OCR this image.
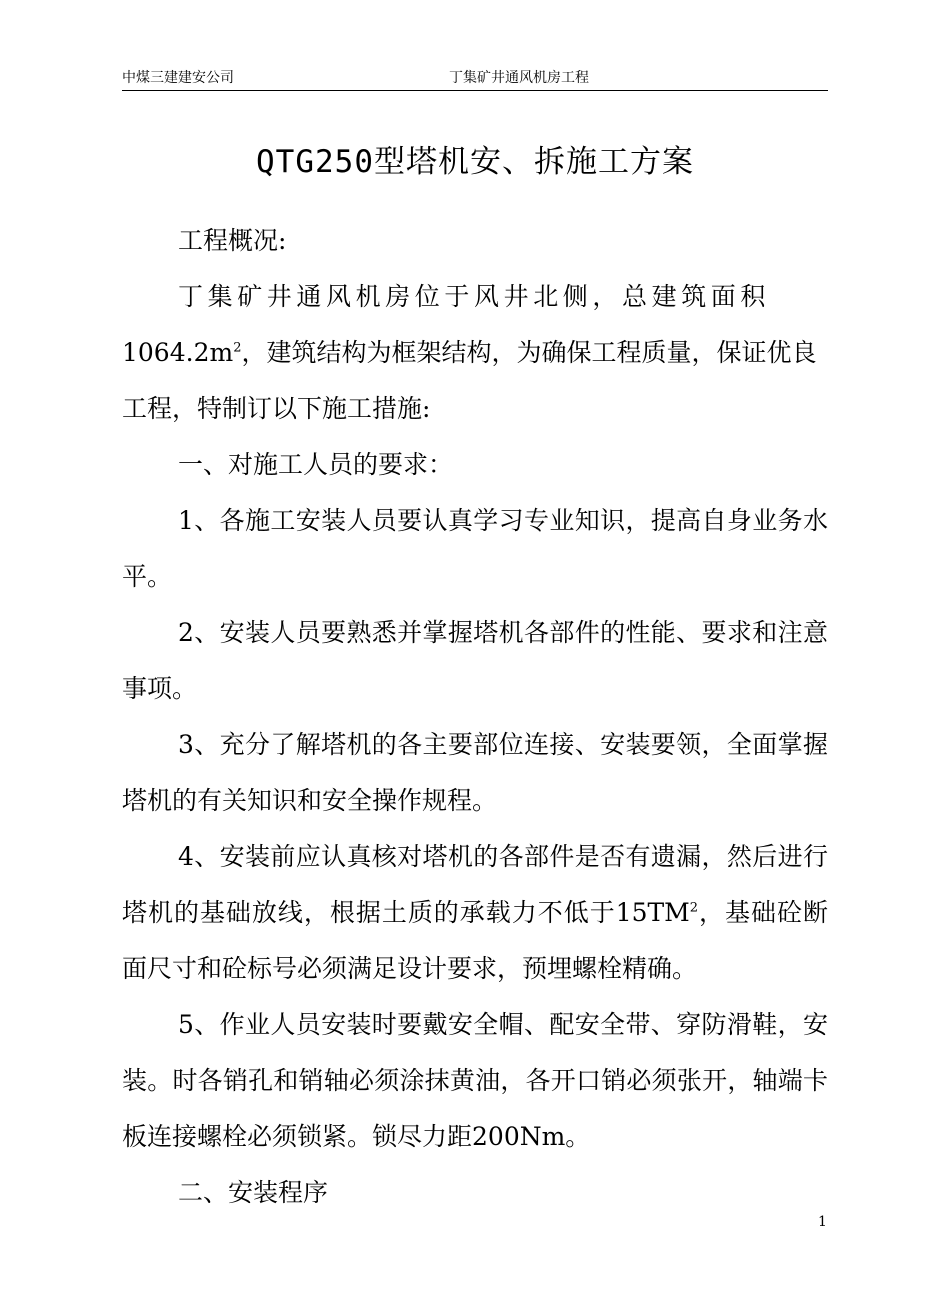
中煤三建建安公司	丁集矿井通风机房工程
QTG250型塔机安、拆施工方案

工程概况:

丁集矿井通风机房位于风井北侧，总建筑面积

$1064.2m^2$，建筑结构为框架结构，为确保工程质量，保证优良

工程，特制订以下施工措施:

一、对施工人员的要求：

1、各施工安装人员要认真学习专业知识，提高自身业务水平。

2、安装人员要熟悉并掌握塔机各部件的性能、要求和注意事项。

3、充分了解塔机的各主要部位连接、安装要领，全面掌握塔机的有关知识和安全操作规程。

4、安装前应认真核对塔机的各部件是否有遗漏，然后进行塔机的基础放线，根据土质的承载力不低于$15TM^2$，基础砼断面尺寸和砼标号必须满足设计要求，预埋螺栓精确。

5、作业人员安装时要戴安全帽、配安全带、穿防滑鞋，安装。时各销孔和销轴必须涂抹黄油，各开口销必须张开，轴端卡板连接螺栓必须锁紧。锁尽力距200Nm。

二、安装程序

1
